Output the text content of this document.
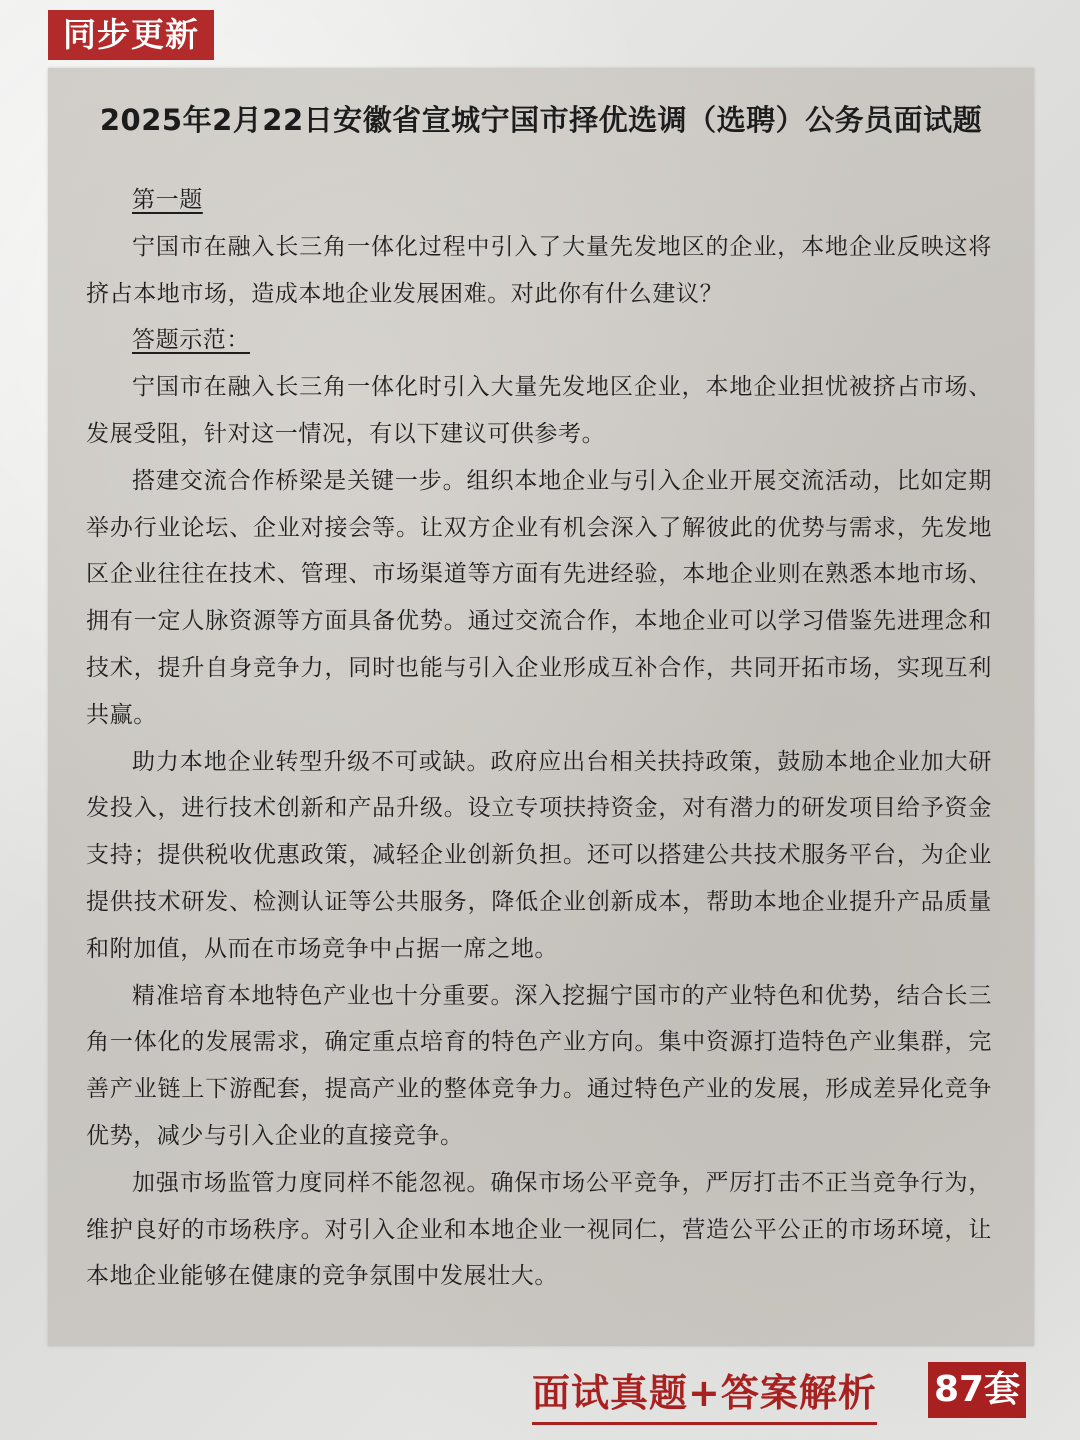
同步更新
2025年2月22日安徽省宣城宁国市择优选调（选聘）公务员面试题

第一题

宁国市在融入长三角一体化过程中引入了大量先发地区的企业，本地企业反映这将挤占本地市场，造成本地企业发展困难。对此你有什么建议？

答题示范：

宁国市在融入长三角一体化时引入大量先发地区企业，本地企业担忧被挤占市场、发展受阻，针对这一情况，有以下建议可供参考。

搭建交流合作桥梁是关键一步。组织本地企业与引入企业开展交流活动，比如定期举办行业论坛、企业对接会等。让双方企业有机会深入了解彼此的优势与需求，先发地区企业往往在技术、管理、市场渠道等方面有先进经验，本地企业则在熟悉本地市场、拥有一定人脉资源等方面具备优势。通过交流合作，本地企业可以学习借鉴先进理念和技术，提升自身竞争力，同时也能与引入企业形成互补合作，共同开拓市场，实现互利共赢。

助力本地企业转型升级不可或缺。政府应出台相关扶持政策，鼓励本地企业加大研发投入，进行技术创新和产品升级。设立专项扶持资金，对有潜力的研发项目给予资金支持；提供税收优惠政策，减轻企业创新负担。还可以搭建公共技术服务平台，为企业提供技术研发、检测认证等公共服务，降低企业创新成本，帮助本地企业提升产品质量和附加值，从而在市场竞争中占据一席之地。

精准培育本地特色产业也十分重要。深入挖掘宁国市的产业特色和优势，结合长三角一体化的发展需求，确定重点培育的特色产业方向。集中资源打造特色产业集群，完善产业链上下游配套，提高产业的整体竞争力。通过特色产业的发展，形成差异化竞争优势，减少与引入企业的直接竞争。

加强市场监管力度同样不能忽视。确保市场公平竞争，严厉打击不正当竞争行为，维护良好的市场秩序。对引入企业和本地企业一视同仁，营造公平公正的市场环境，让本地企业能够在健康的竞争氛围中发展壮大。

面试真题+答案解析 87套
